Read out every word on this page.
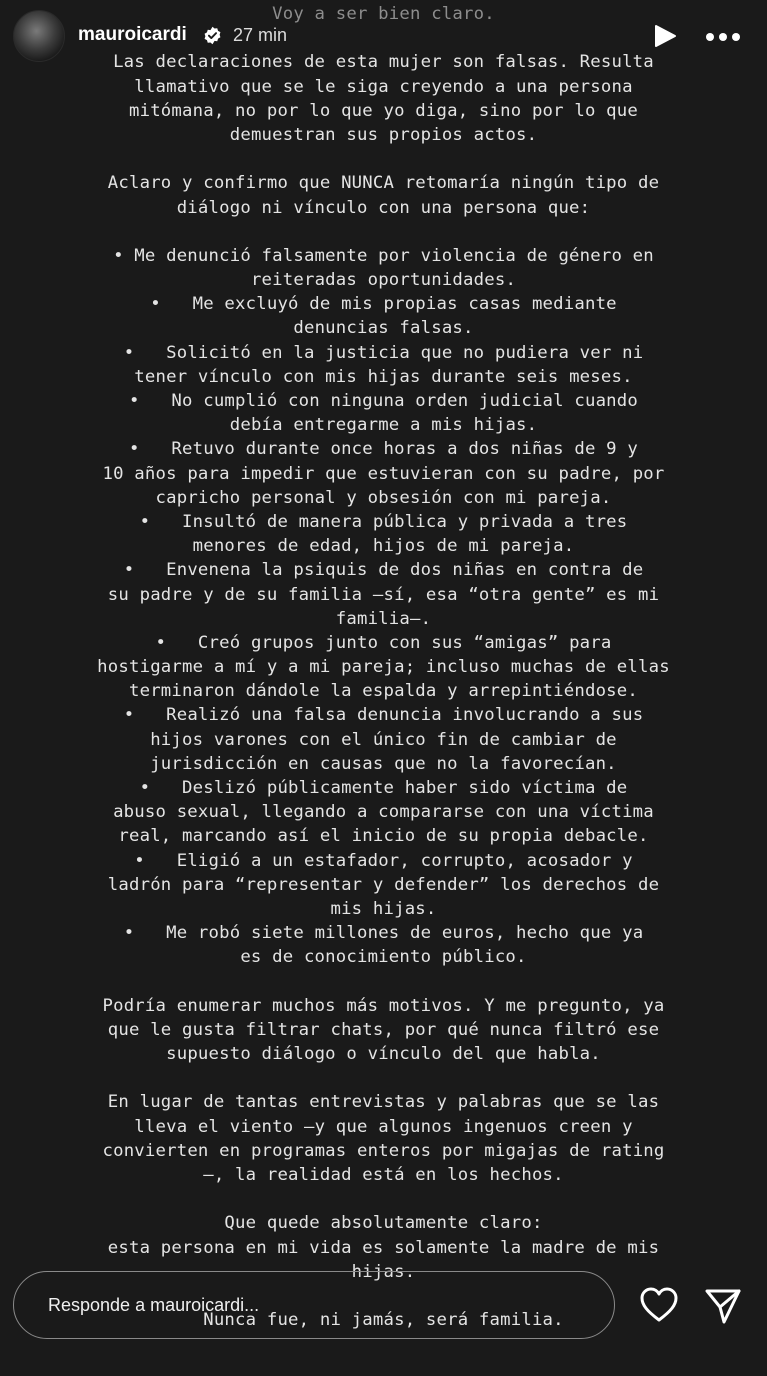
Voy a ser bien claro.
Las declaraciones de esta mujer son falsas. Resulta
llamativo que se le siga creyendo a una persona
mitómana, no por lo que yo diga, sino por lo que
demuestran sus propios actos.
Aclaro y confirmo que NUNCA retomaría ningún tipo de
diálogo ni vínculo con una persona que:
• Me denunció falsamente por violencia de género en
reiteradas oportunidades.
•   Me excluyó de mis propias casas mediante
denuncias falsas.
•   Solicitó en la justicia que no pudiera ver ni
tener vínculo con mis hijas durante seis meses.
•   No cumplió con ninguna orden judicial cuando
debía entregarme a mis hijas.
•   Retuvo durante once horas a dos niñas de 9 y
10 años para impedir que estuvieran con su padre, por
capricho personal y obsesión con mi pareja.
•   Insultó de manera pública y privada a tres
menores de edad, hijos de mi pareja.
•   Envenena la psiquis de dos niñas en contra de
su padre y de su familia —sí, esa “otra gente” es mi
familia—.
•   Creó grupos junto con sus “amigas” para
hostigarme a mí y a mi pareja; incluso muchas de ellas
terminaron dándole la espalda y arrepintiéndose.
•   Realizó una falsa denuncia involucrando a sus
hijos varones con el único fin de cambiar de
jurisdicción en causas que no la favorecían.
•   Deslizó públicamente haber sido víctima de
abuso sexual, llegando a compararse con una víctima
real, marcando así el inicio de su propia debacle.
•   Eligió a un estafador, corrupto, acosador y
ladrón para “representar y defender” los derechos de
mis hijas.
•   Me robó siete millones de euros, hecho que ya
es de conocimiento público.
Podría enumerar muchos más motivos. Y me pregunto, ya
que le gusta filtrar chats, por qué nunca filtró ese
supuesto diálogo o vínculo del que habla.
En lugar de tantas entrevistas y palabras que se las
lleva el viento —y que algunos ingenuos creen y
convierten en programas enteros por migajas de rating
—, la realidad está en los hechos.
Que quede absolutamente claro:
esta persona en mi vida es solamente la madre de mis
hijas.
Nunca fue, ni jamás, será familia.
mauroicardi	27 min
Responde a mauroicardi...
